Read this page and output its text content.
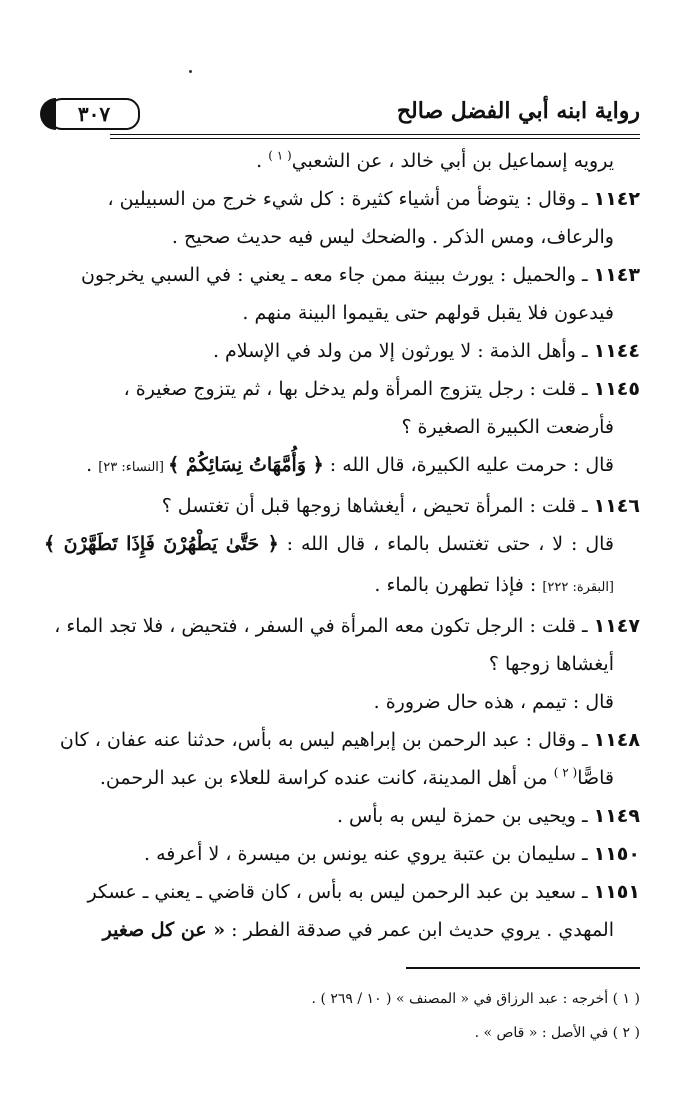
رواية ابنه أبي الفضل صالح
٣٠٧

يرويه إسماعيل بن أبي خالد ، عن الشعبي$^{( ١ )}$ .

١١٤٢ ـ وقال : يتوضأ من أشياء كثيرة : كل شيء خرج من السبيلين ،

والرعاف، ومس الذكر . والضحك ليس فيه حديث صحيح .

١١٤٣ ـ والحميل : يورث ببينة ممن جاء معه ـ يعني : في السبي يخرجون

فيدعون فلا يقبل قولهم حتى يقيموا البينة منهم .

١١٤٤ ـ وأهل الذمة : لا يورثون إلا من ولد في الإسلام .

١١٤٥ ـ قلت : رجل يتزوج المرأة ولم يدخل بها ، ثم يتزوج صغيرة ،

فأرضعت الكبيرة الصغيرة ؟

قال : حرمت عليه الكبيرة، قال الله : ﴿ وَأُمَّهَاتُ نِسَائِكُمْ ﴾ [النساء: ٢٣] .

١١٤٦ ـ قلت : المرأة تحيض ، أيغشاها زوجها قبل أن تغتسل ؟

قال : لا ، حتى تغتسل بالماء ، قال الله : ﴿ حَتَّىٰ يَطْهُرْنَ فَإِذَا تَطَهَّرْنَ ﴾ [البقرة: ٢٢٢] : فإذا تطهرن بالماء .

١١٤٧ ـ قلت : الرجل تكون معه المرأة في السفر ، فتحيض ، فلا تجد الماء ،

أيغشاها زوجها ؟

قال : تيمم ، هذه حال ضرورة .

١١٤٨ ـ وقال : عبد الرحمن بن إبراهيم ليس به بأس، حدثنا عنه عفان ، كان

قاصًّا$^{( ٢ )}$ من أهل المدينة، كانت عنده كراسة للعلاء بن عبد الرحمن.

١١٤٩ ـ ويحيى بن حمزة ليس به بأس .

١١٥٠ ـ سليمان بن عتبة يروي عنه يونس بن ميسرة ، لا أعرفه .

١١٥١ ـ سعيد بن عبد الرحمن ليس به بأس ، كان قاضي ـ يعني ـ عسكر

المهدي . يروي حديث ابن عمر في صدقة الفطر : « عن كل صغير

( ١ ) أخرجه : عبد الرزاق في « المصنف » ( ١٠ / ٢٦٩ ) .

( ٢ ) في الأصل : « قاص » .
